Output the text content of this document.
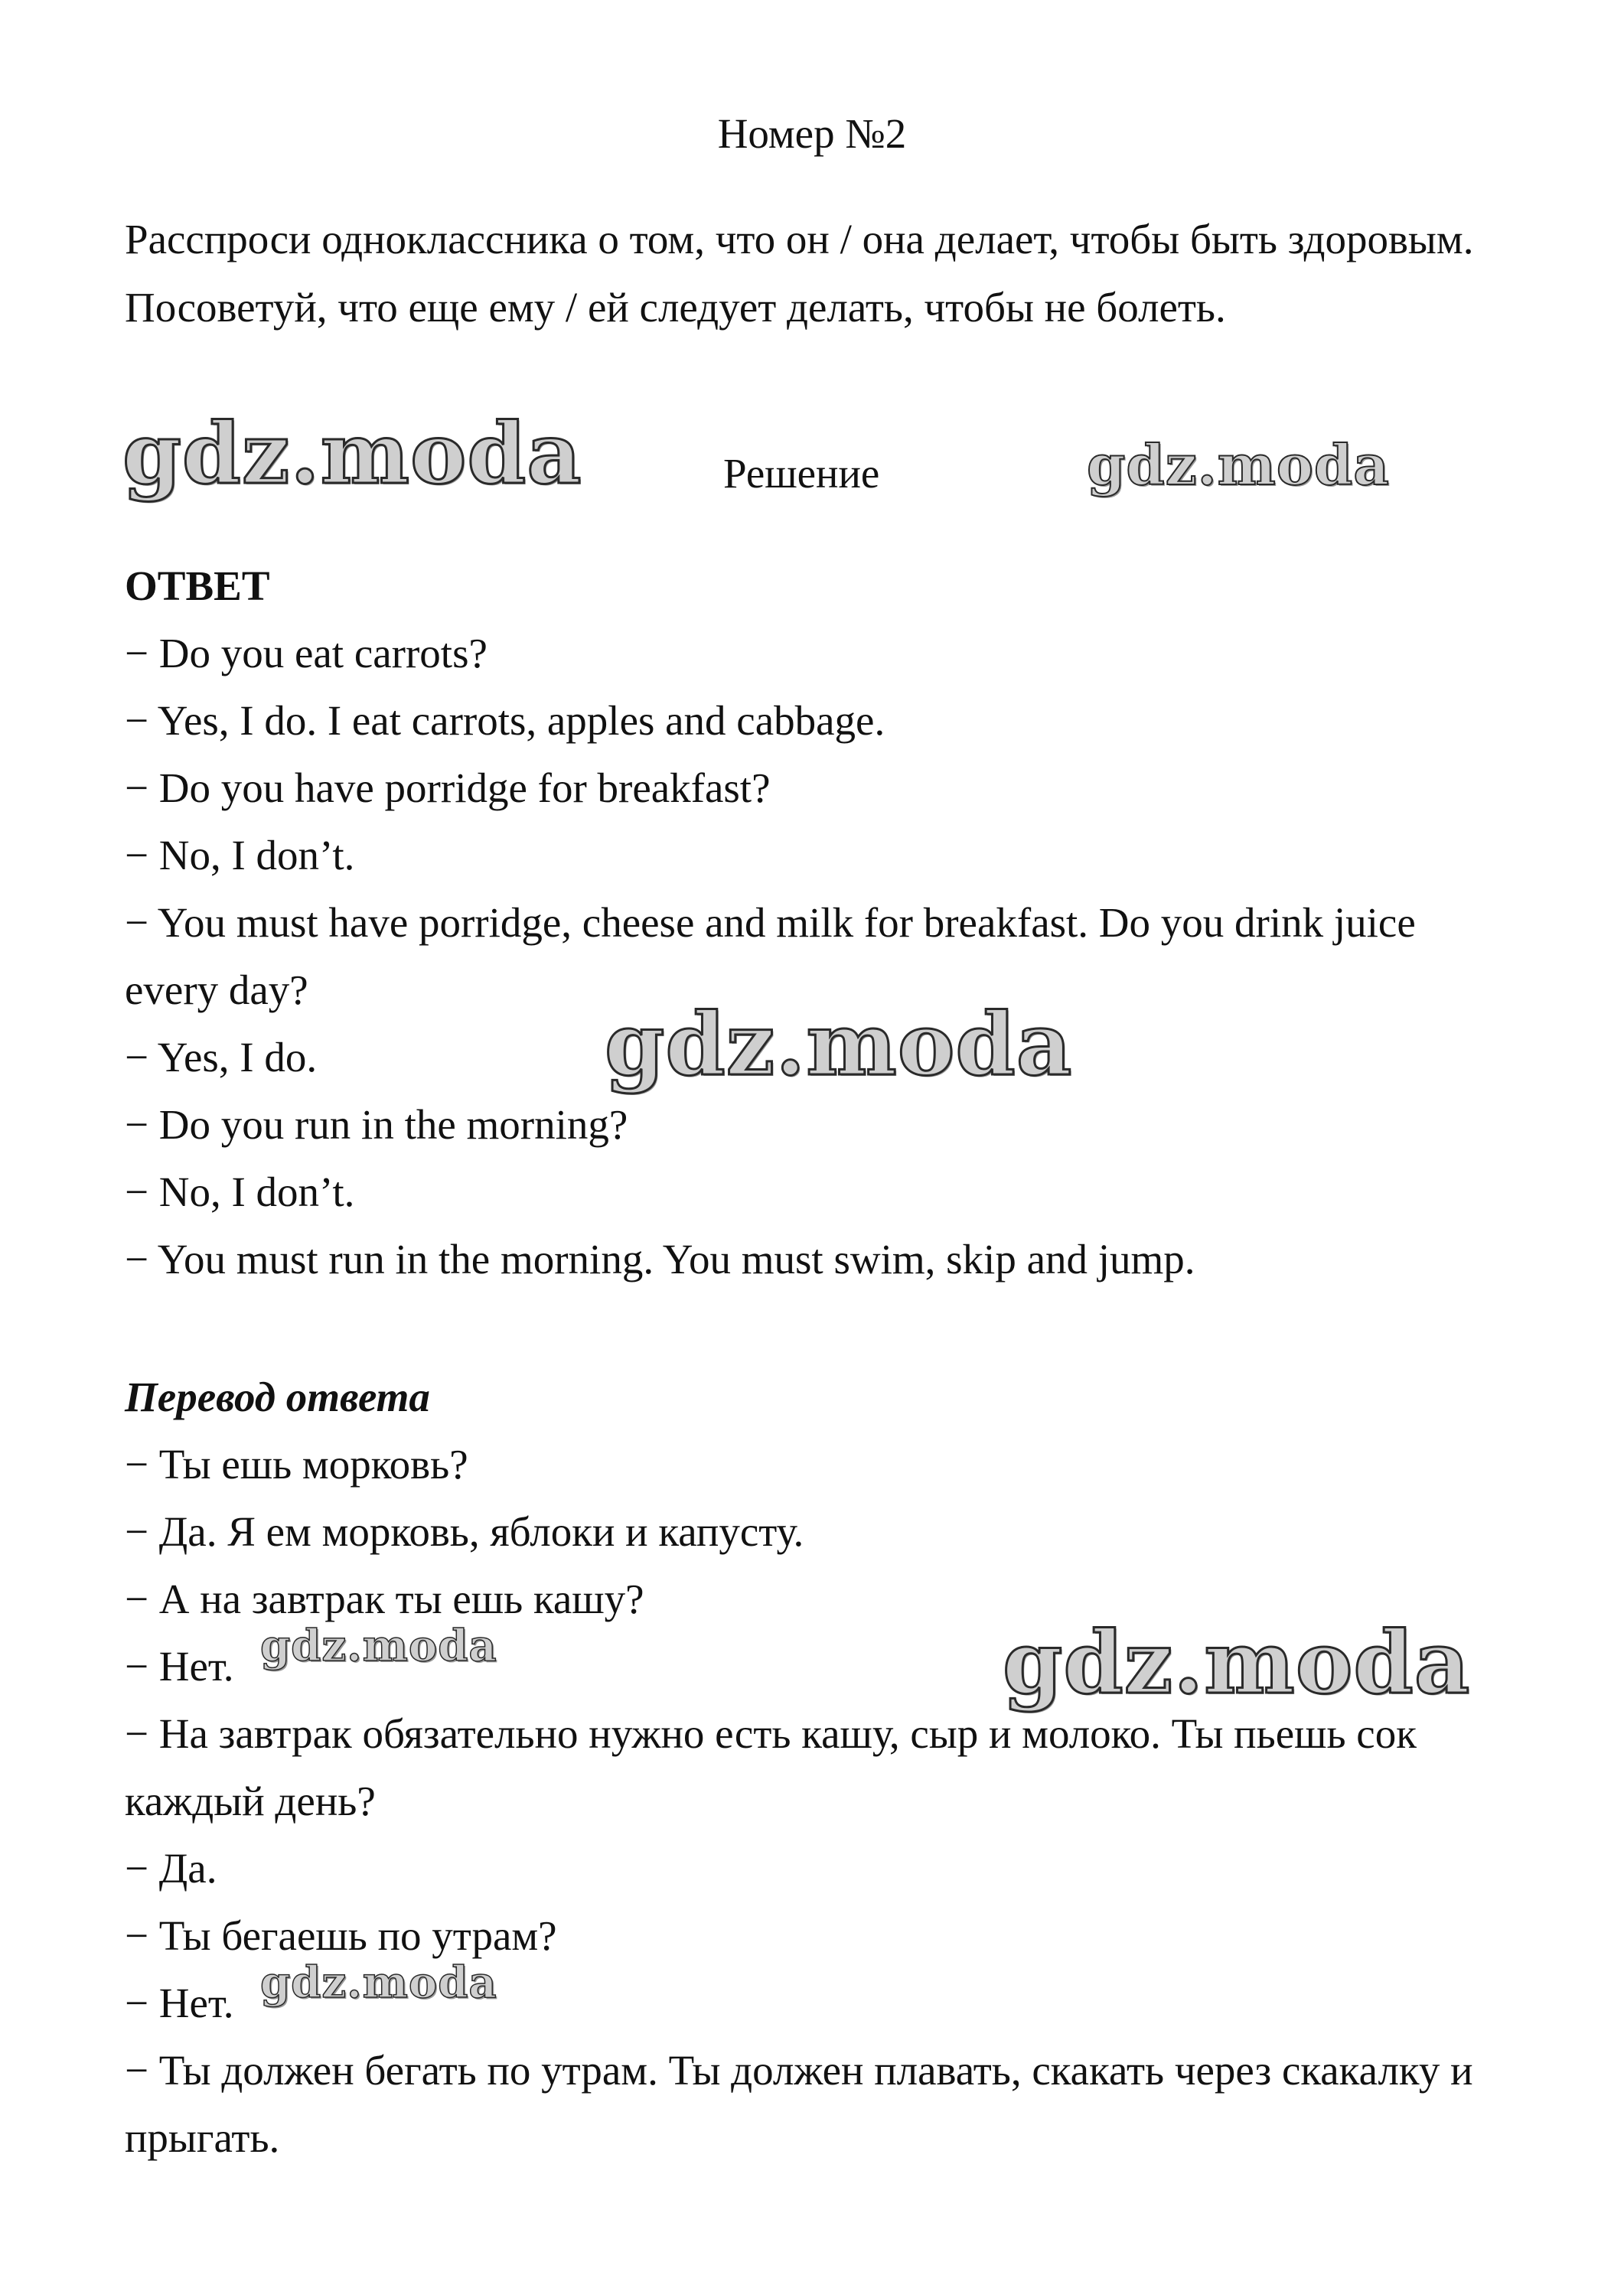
Номер №2
Расспроси одноклассника о том, что он / она делает, чтобы быть здоровым. Посоветуй, что еще ему / ей следует делать, чтобы не болеть.
Решение
ОТВЕТ
− Do you eat carrots?
− Yes, I do. I eat carrots, apples and cabbage.
− Do you have porridge for breakfast?
− No, I don’t.
− You must have porridge, cheese and milk for breakfast. Do you drink juice every day?
− Yes, I do.
− Do you run in the morning?
− No, I don’t.
− You must run in the morning. You must swim, skip and jump.
Перевод ответа
− Ты ешь морковь?
− Да. Я ем морковь, яблоки и капусту.
− А на завтрак ты ешь кашу?
− Нет.
− На завтрак обязательно нужно есть кашу, сыр и молоко. Ты пьешь сок каждый день?
− Да.
− Ты бегаешь по утрам?
− Нет.
− Ты должен бегать по утрам. Ты должен плавать, скакать через скакалку и прыгать.
gdz.moda	gdz.moda
gdz.moda
gdz.moda
gdz.moda
gdz.moda
